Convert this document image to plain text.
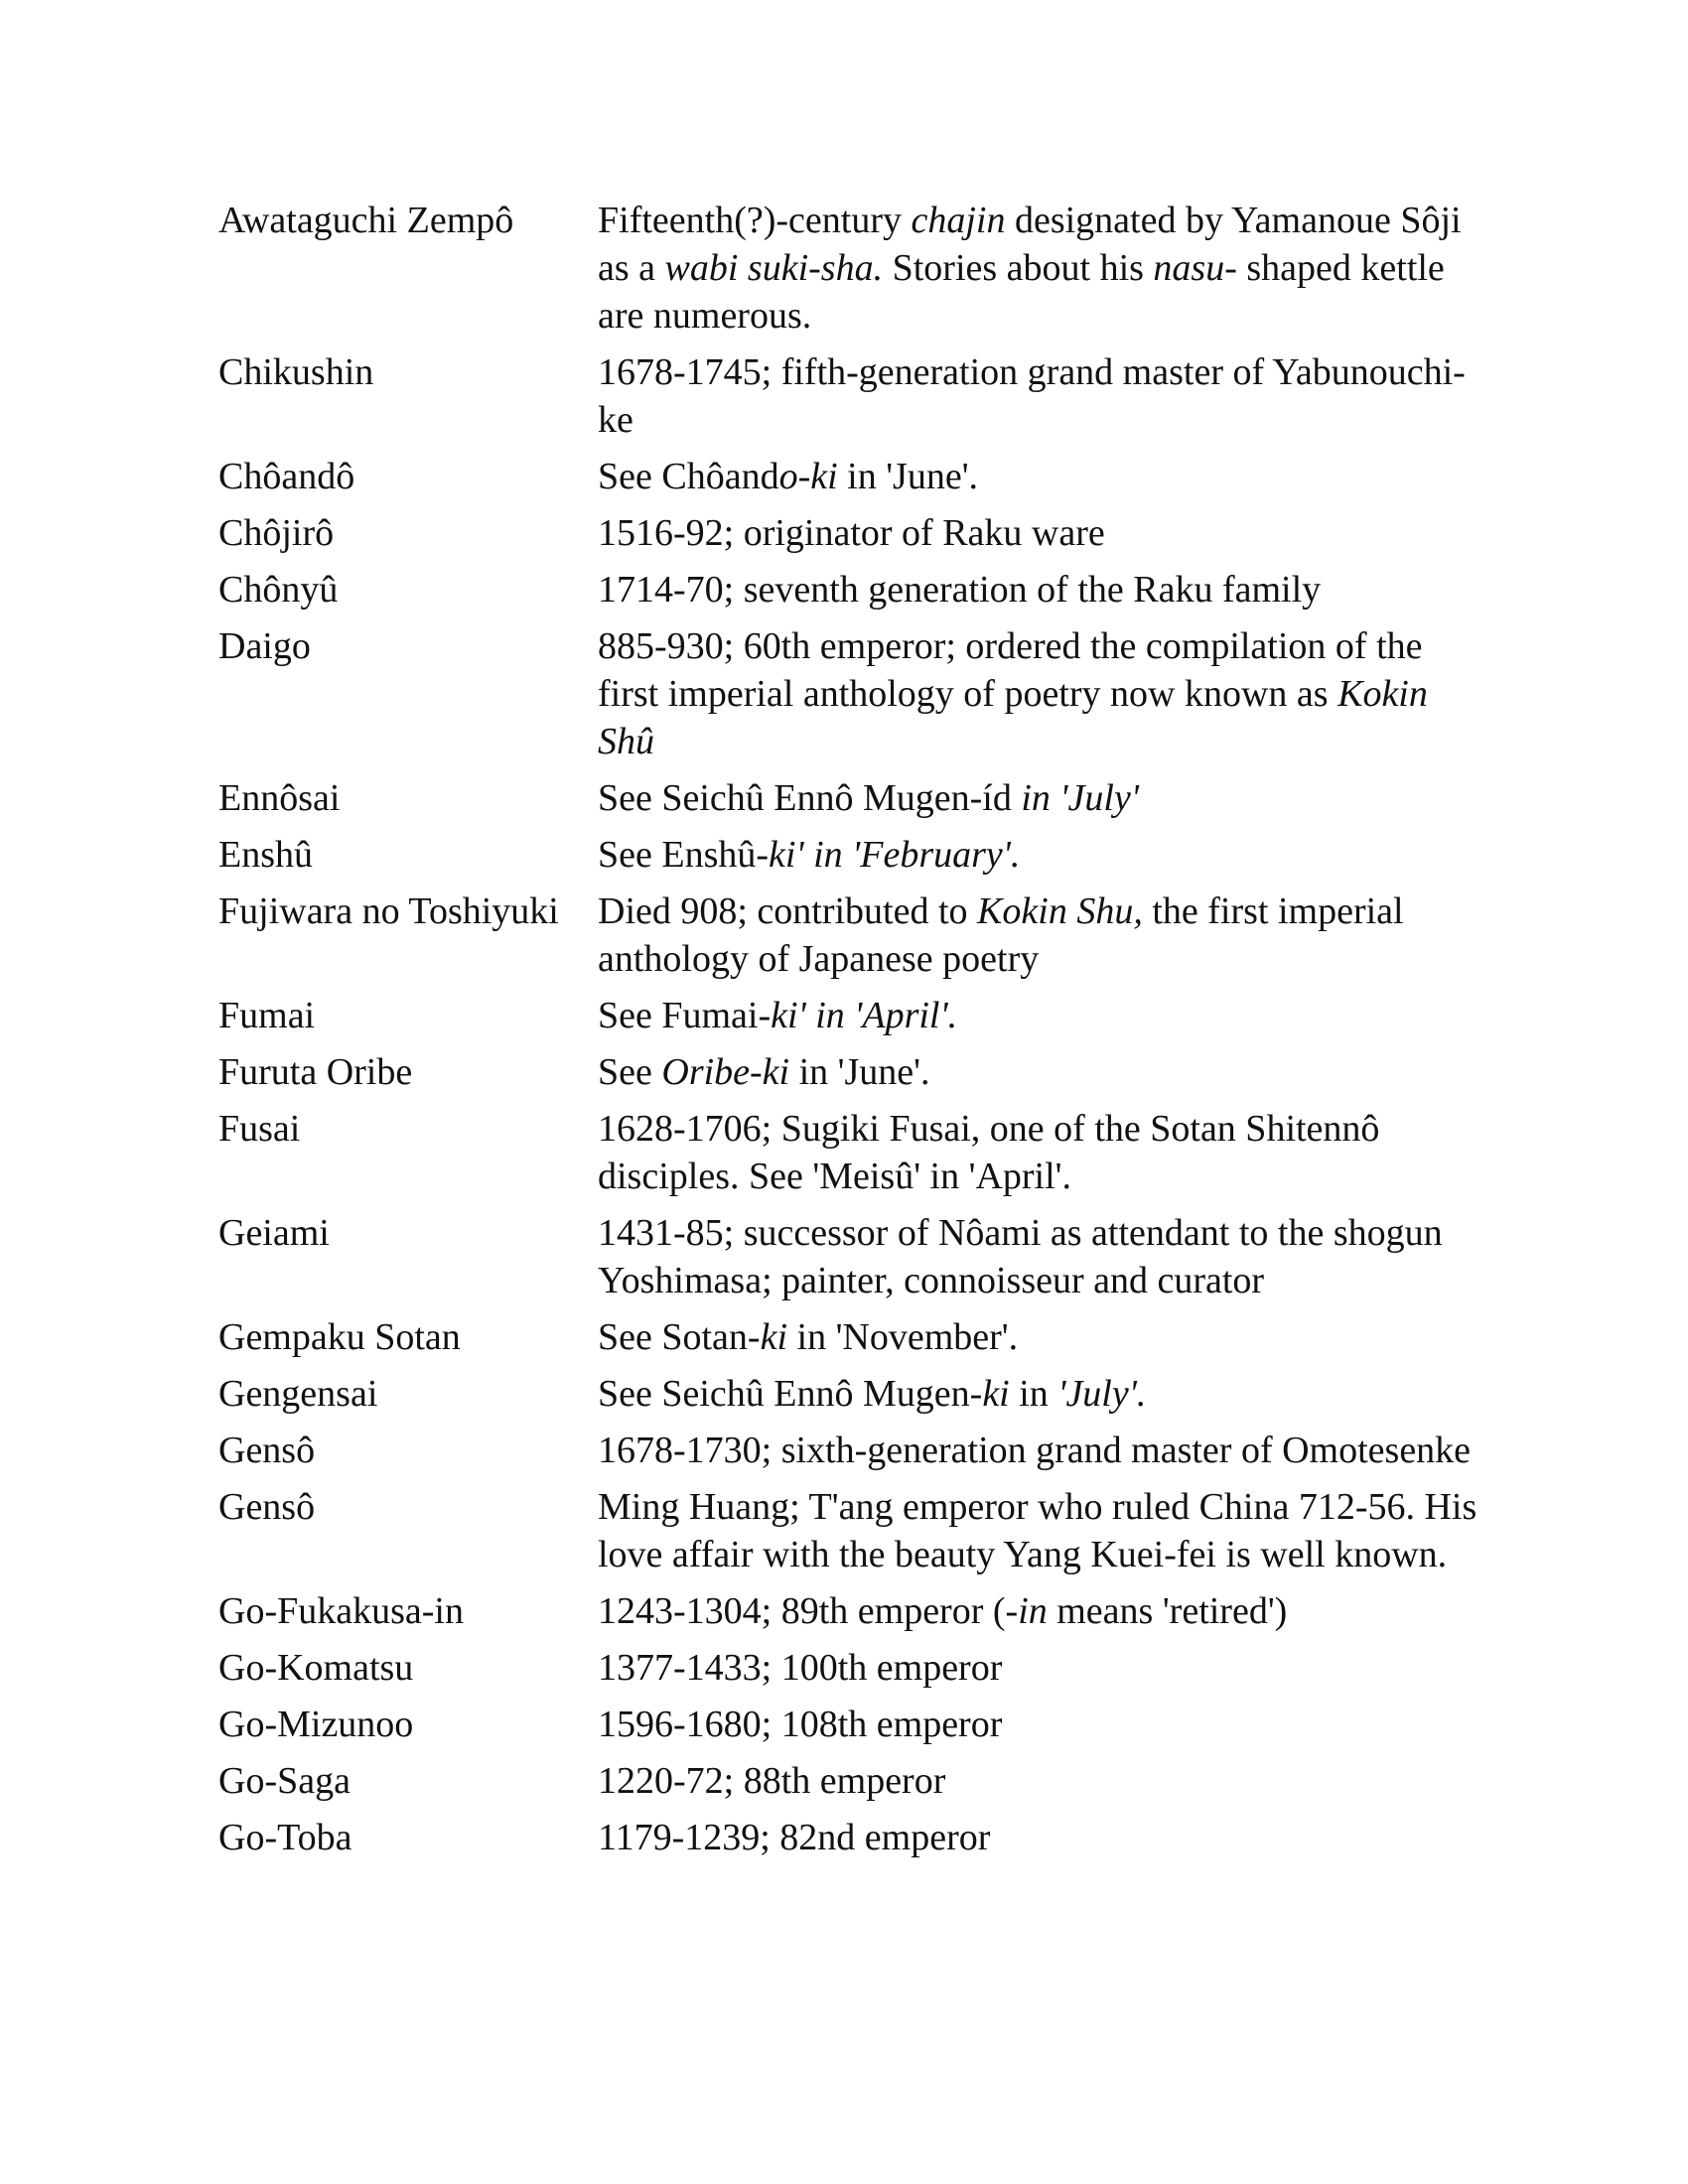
Awataguchi Zempô	Fifteenth(?)-century chajin designated by Yamanoue Sôji as a wabi suki-sha. Stories about his nasu- shaped kettle are numerous.
Chikushin	1678-1745; fifth-generation grand master of Yabunouchi-ke
Chôandô	See Chôando-ki in 'June'.
Chôjirô	1516-92; originator of Raku ware
Chônyû	1714-70; seventh generation of the Raku family
Daigo	885-930; 60th emperor; ordered the compilation of the first imperial anthology of poetry now known as Kokin Shû
Ennôsai	See Seichû Ennô Mugen-íd in 'July'
Enshû	See Enshû-ki' in 'February'.
Fujiwara no Toshiyuki	Died 908; contributed to Kokin Shu, the first imperial anthology of Japanese poetry
Fumai	See Fumai-ki' in 'April'.
Furuta Oribe	See Oribe-ki in 'June'.
Fusai	1628-1706; Sugiki Fusai, one of the Sotan Shitennô disciples. See 'Meisû' in 'April'.
Geiami	1431-85; successor of Nôami as attendant to the shogun Yoshimasa; painter, connoisseur and curator
Gempaku Sotan	See Sotan-ki in 'November'.
Gengensai	See Seichû Ennô Mugen-ki in 'July'.
Gensô	1678-1730; sixth-generation grand master of Omotesenke
Gensô	Ming Huang; T'ang emperor who ruled China 712-56. His love affair with the beauty Yang Kuei-fei is well known.
Go-Fukakusa-in	1243-1304; 89th emperor (-in means 'retired')
Go-Komatsu	1377-1433; 100th emperor
Go-Mizunoo	1596-1680; 108th emperor
Go-Saga	1220-72; 88th emperor
Go-Toba	1179-1239; 82nd emperor
